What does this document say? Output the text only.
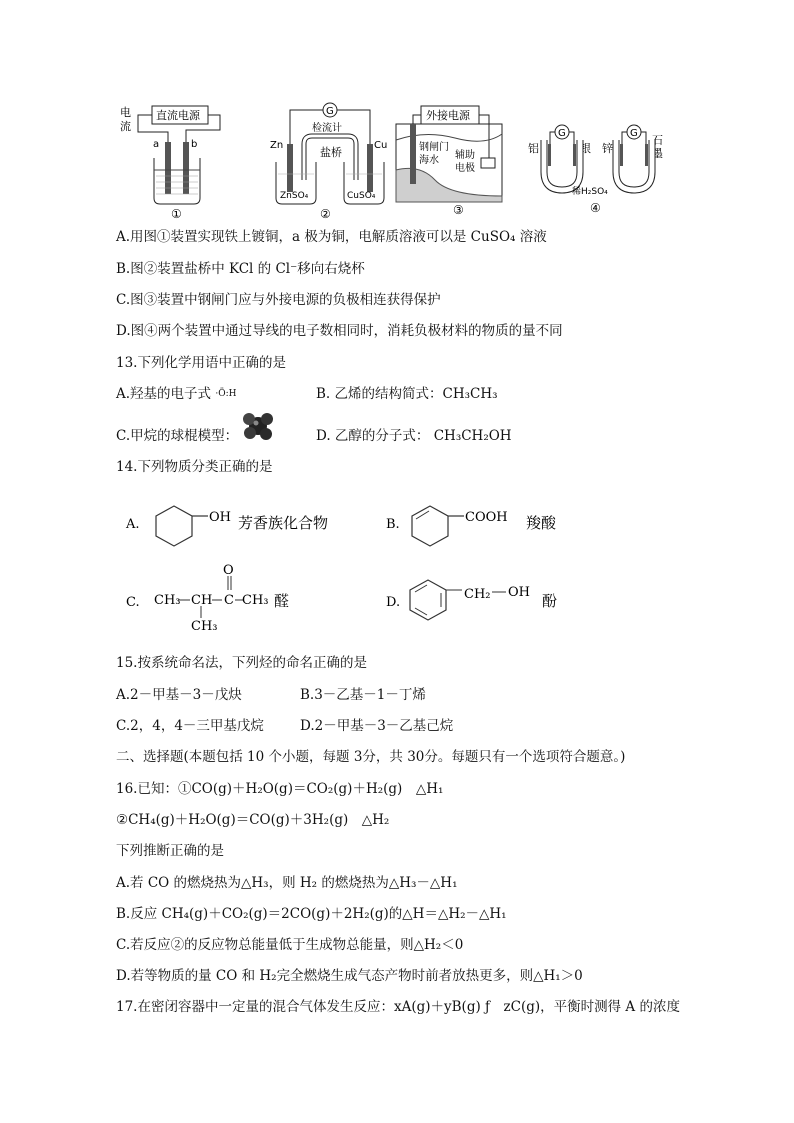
电
流
直流电源
a	b
①
G
检流计
Zn	Cu
盐桥
ZnSO₄	CuSO₄
②
外接电源
钢闸门
海水 辅助
电极
③
G	G
铝	银 锌
石
墨
稀H₂SO₄
④
A.用图①装置实现铁上镀铜，a 极为铜，电解质溶液可以是 CuSO₄ 溶液
B.图②装置盐桥中 KCl 的 Cl⁻移向右烧杯
C.图③装置中钢闸门应与外接电源的负极相连获得保护
D.图④两个装置中通过导线的电子数相同时，消耗负极材料的物质的量不同
13.下列化学用语中正确的是
A.羟基的电子式 ·Ö:H	B. 乙烯的结构简式：CH₃CH₃
C.甲烷的球棍模型：	D. 乙醇的分子式： CH₃CH₂OH
14.下列物质分类正确的是
A.	OH 芳香族化合物	B.	COOH 羧酸
C. CH₃ CH C
O
CH₃
CH₃
醛	D.
CH₂ OH 酚
15.按系统命名法，下列烃的命名正确的是
A.2－甲基－3－戊炔	B.3－乙基－1－丁烯
C.2，4，4－三甲基戊烷	D.2－甲基－3－乙基己烷
二、选择题(本题包括 10 个小题，每题 3分，共 30分。每题只有一个选项符合题意。)
16.已知：①CO(g)＋H₂O(g)＝CO₂(g)＋H₂(g)　△H₁
②CH₄(g)＋H₂O(g)＝CO(g)＋3H₂(g)　△H₂
下列推断正确的是
A.若 CO 的燃烧热为△H₃，则 H₂ 的燃烧热为△H₃－△H₁
B.反应 CH₄(g)＋CO₂(g)＝2CO(g)＋2H₂(g)的△H＝△H₂－△H₁
C.若反应②的反应物总能量低于生成物总能量，则△H₂＜0
D.若等物质的量 CO 和 H₂完全燃烧生成气态产物时前者放热更多，则△H₁＞0
17.在密闭容器中一定量的混合气体发生反应：xA(g)＋yB(g) ƒ　zC(g)，平衡时测得 A 的浓度
